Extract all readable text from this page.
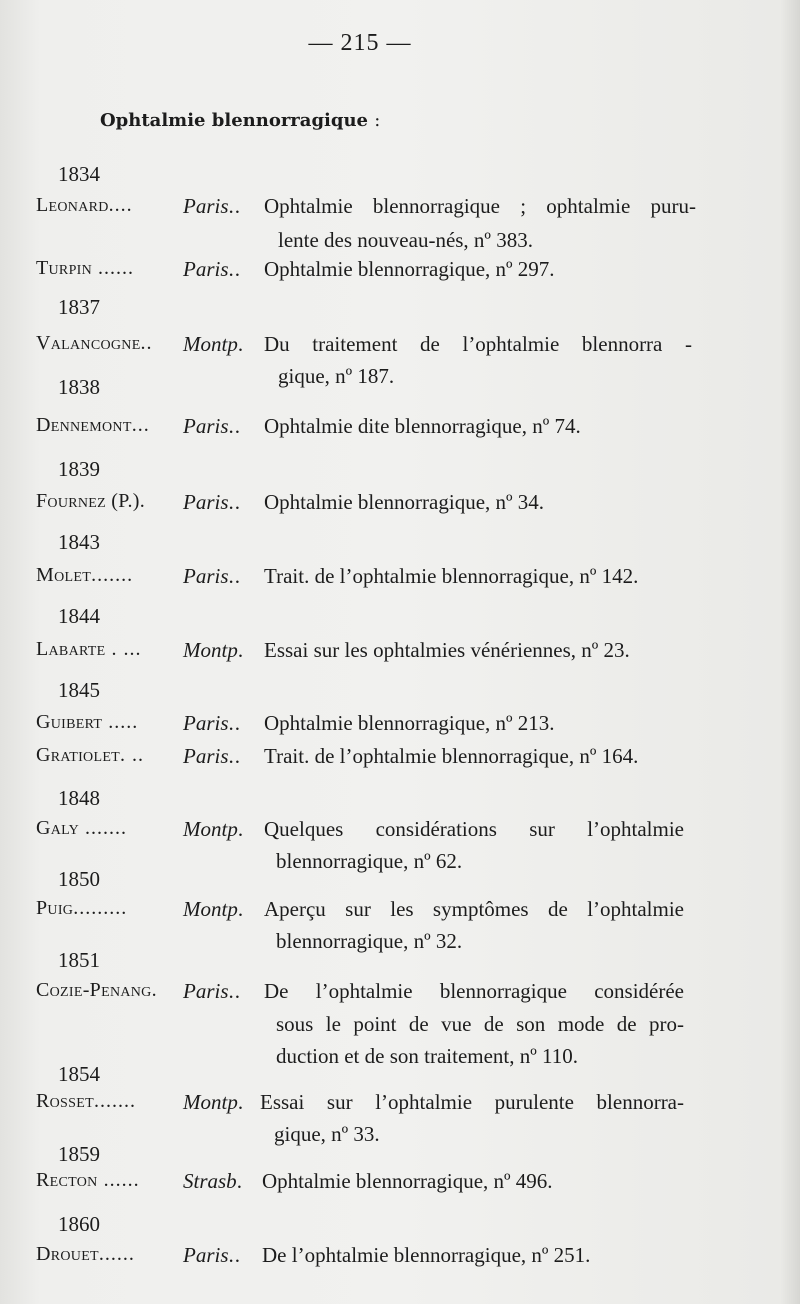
— 215 —
Ophtalmie blennorragique :
1834
1837
1838
1839
1843
1844
1845
1848
1850
1851
1854
1859
1860
Leonard.... Paris.. Ophtalmie blennorragique ; ophtalmie puru-
lente des nouveau-nés, nº 383.
Turpin ...... Paris.. Ophtalmie blennorragique, nº 297.
Valancogne.. Montp. Du traitement de l’ophtalmie blennorra -
gique, nº 187.
Dennemont... Paris.. Ophtalmie dite blennorragique, nº 74.
Fournez (P.). Paris.. Ophtalmie blennorragique, nº 34.
Molet....... Paris.. Trait. de l’ophtalmie blennorragique, nº 142.
Labarte . ... Montp. Essai sur les ophtalmies vénériennes, nº 23.
Guibert ..... Paris.. Ophtalmie blennorragique, nº 213.
Gratiolet. .. Paris.. Trait. de l’ophtalmie blennorragique, nº 164.
Galy .......	Montp. Quelques considérations sur l’ophtalmie
blennorragique, nº 62.
Puig.........	Montp. Aperçu sur les symptômes de l’ophtalmie
blennorragique, nº 32.
Cozie-Penang. Paris.. De l’ophtalmie blennorragique considérée
sous le point de vue de son mode de pro-
duction et de son traitement, nº 110.
Rosset....... Montp. Essai sur l’ophtalmie purulente blennorra-
gique, nº 33.
Recton ...... Strasb. Ophtalmie blennorragique, nº 496.
Drouet...... Paris.. De l’ophtalmie blennorragique, nº 251.
